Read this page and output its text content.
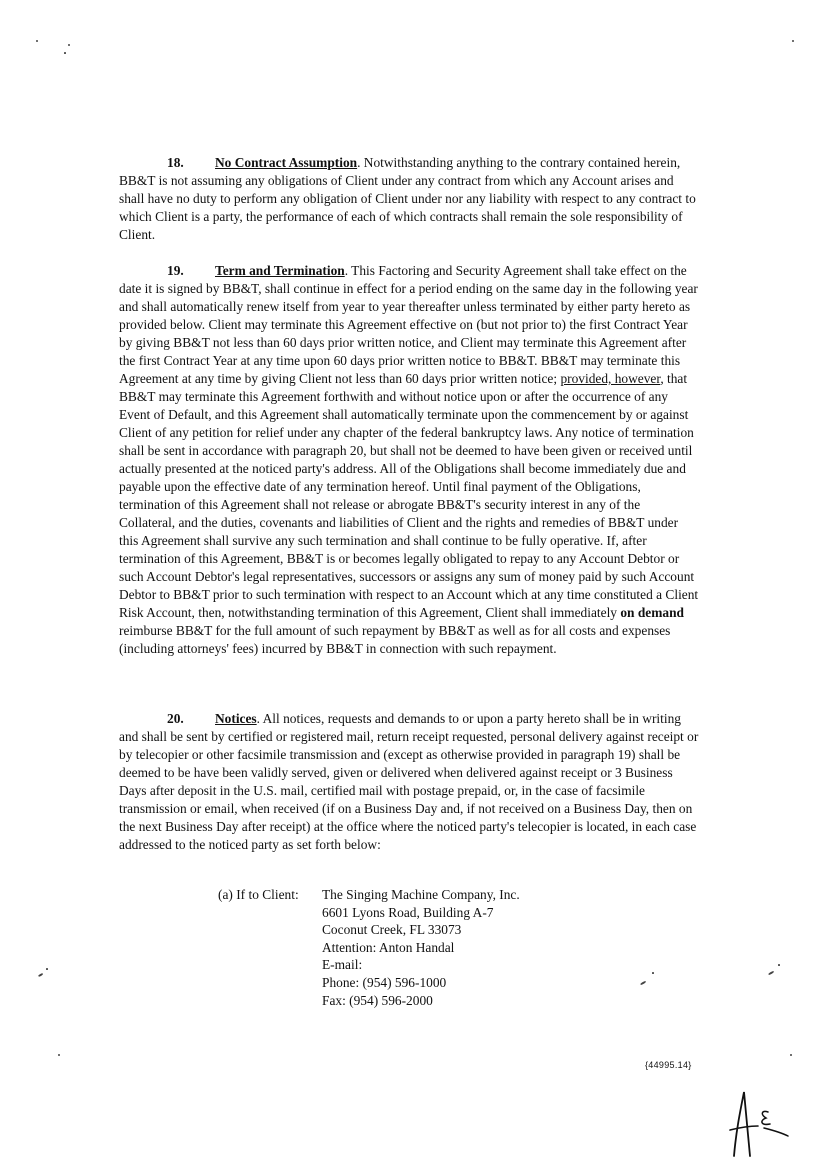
18. No Contract Assumption. Notwithstanding anything to the contrary contained herein, BB&T is not assuming any obligations of Client under any contract from which any Account arises and shall have no duty to perform any obligation of Client under nor any liability with respect to any contract to which Client is a party, the performance of each of which contracts shall remain the sole responsibility of Client.

19. Term and Termination. This Factoring and Security Agreement shall take effect on the date it is signed by BB&T, shall continue in effect for a period ending on the same day in the following year and shall automatically renew itself from year to year thereafter unless terminated by either party hereto as provided below. Client may terminate this Agreement effective on (but not prior to) the first Contract Year by giving BB&T not less than 60 days prior written notice, and Client may terminate this Agreement after the first Contract Year at any time upon 60 days prior written notice to BB&T. BB&T may terminate this Agreement at any time by giving Client not less than 60 days prior written notice; provided, however, that BB&T may terminate this Agreement forthwith and without notice upon or after the occurrence of any Event of Default, and this Agreement shall automatically terminate upon the commencement by or against Client of any petition for relief under any chapter of the federal bankruptcy laws. Any notice of termination shall be sent in accordance with paragraph 20, but shall not be deemed to have been given or received until actually presented at the noticed party's address. All of the Obligations shall become immediately due and payable upon the effective date of any termination hereof. Until final payment of the Obligations, termination of this Agreement shall not release or abrogate BB&T's security interest in any of the Collateral, and the duties, covenants and liabilities of Client and the rights and remedies of BB&T under this Agreement shall survive any such termination and shall continue to be fully operative. If, after termination of this Agreement, BB&T is or becomes legally obligated to repay to any Account Debtor or such Account Debtor's legal representatives, successors or assigns any sum of money paid by such Account Debtor to BB&T prior to such termination with respect to an Account which at any time constituted a Client Risk Account, then, notwithstanding termination of this Agreement, Client shall immediately on demand reimburse BB&T for the full amount of such repayment by BB&T as well as for all costs and expenses (including attorneys' fees) incurred by BB&T in connection with such repayment.

20. Notices. All notices, requests and demands to or upon a party hereto shall be in writing and shall be sent by certified or registered mail, return receipt requested, personal delivery against receipt or by telecopier or other facsimile transmission and (except as otherwise provided in paragraph 19) shall be deemed to be have been validly served, given or delivered when delivered against receipt or 3 Business Days after deposit in the U.S. mail, certified mail with postage prepaid, or, in the case of facsimile transmission or email, when received (if on a Business Day and, if not received on a Business Day, then on the next Business Day after receipt) at the office where the noticed party's telecopier is located, in each case addressed to the noticed party as set forth below:

(a) If to Client: The Singing Machine Company, Inc.
6601 Lyons Road, Building A-7
Coconut Creek, FL 33073
Attention: Anton Handal
E-mail:
Phone: (954) 596-1000
Fax: (954) 596-2000
{44995.14}
